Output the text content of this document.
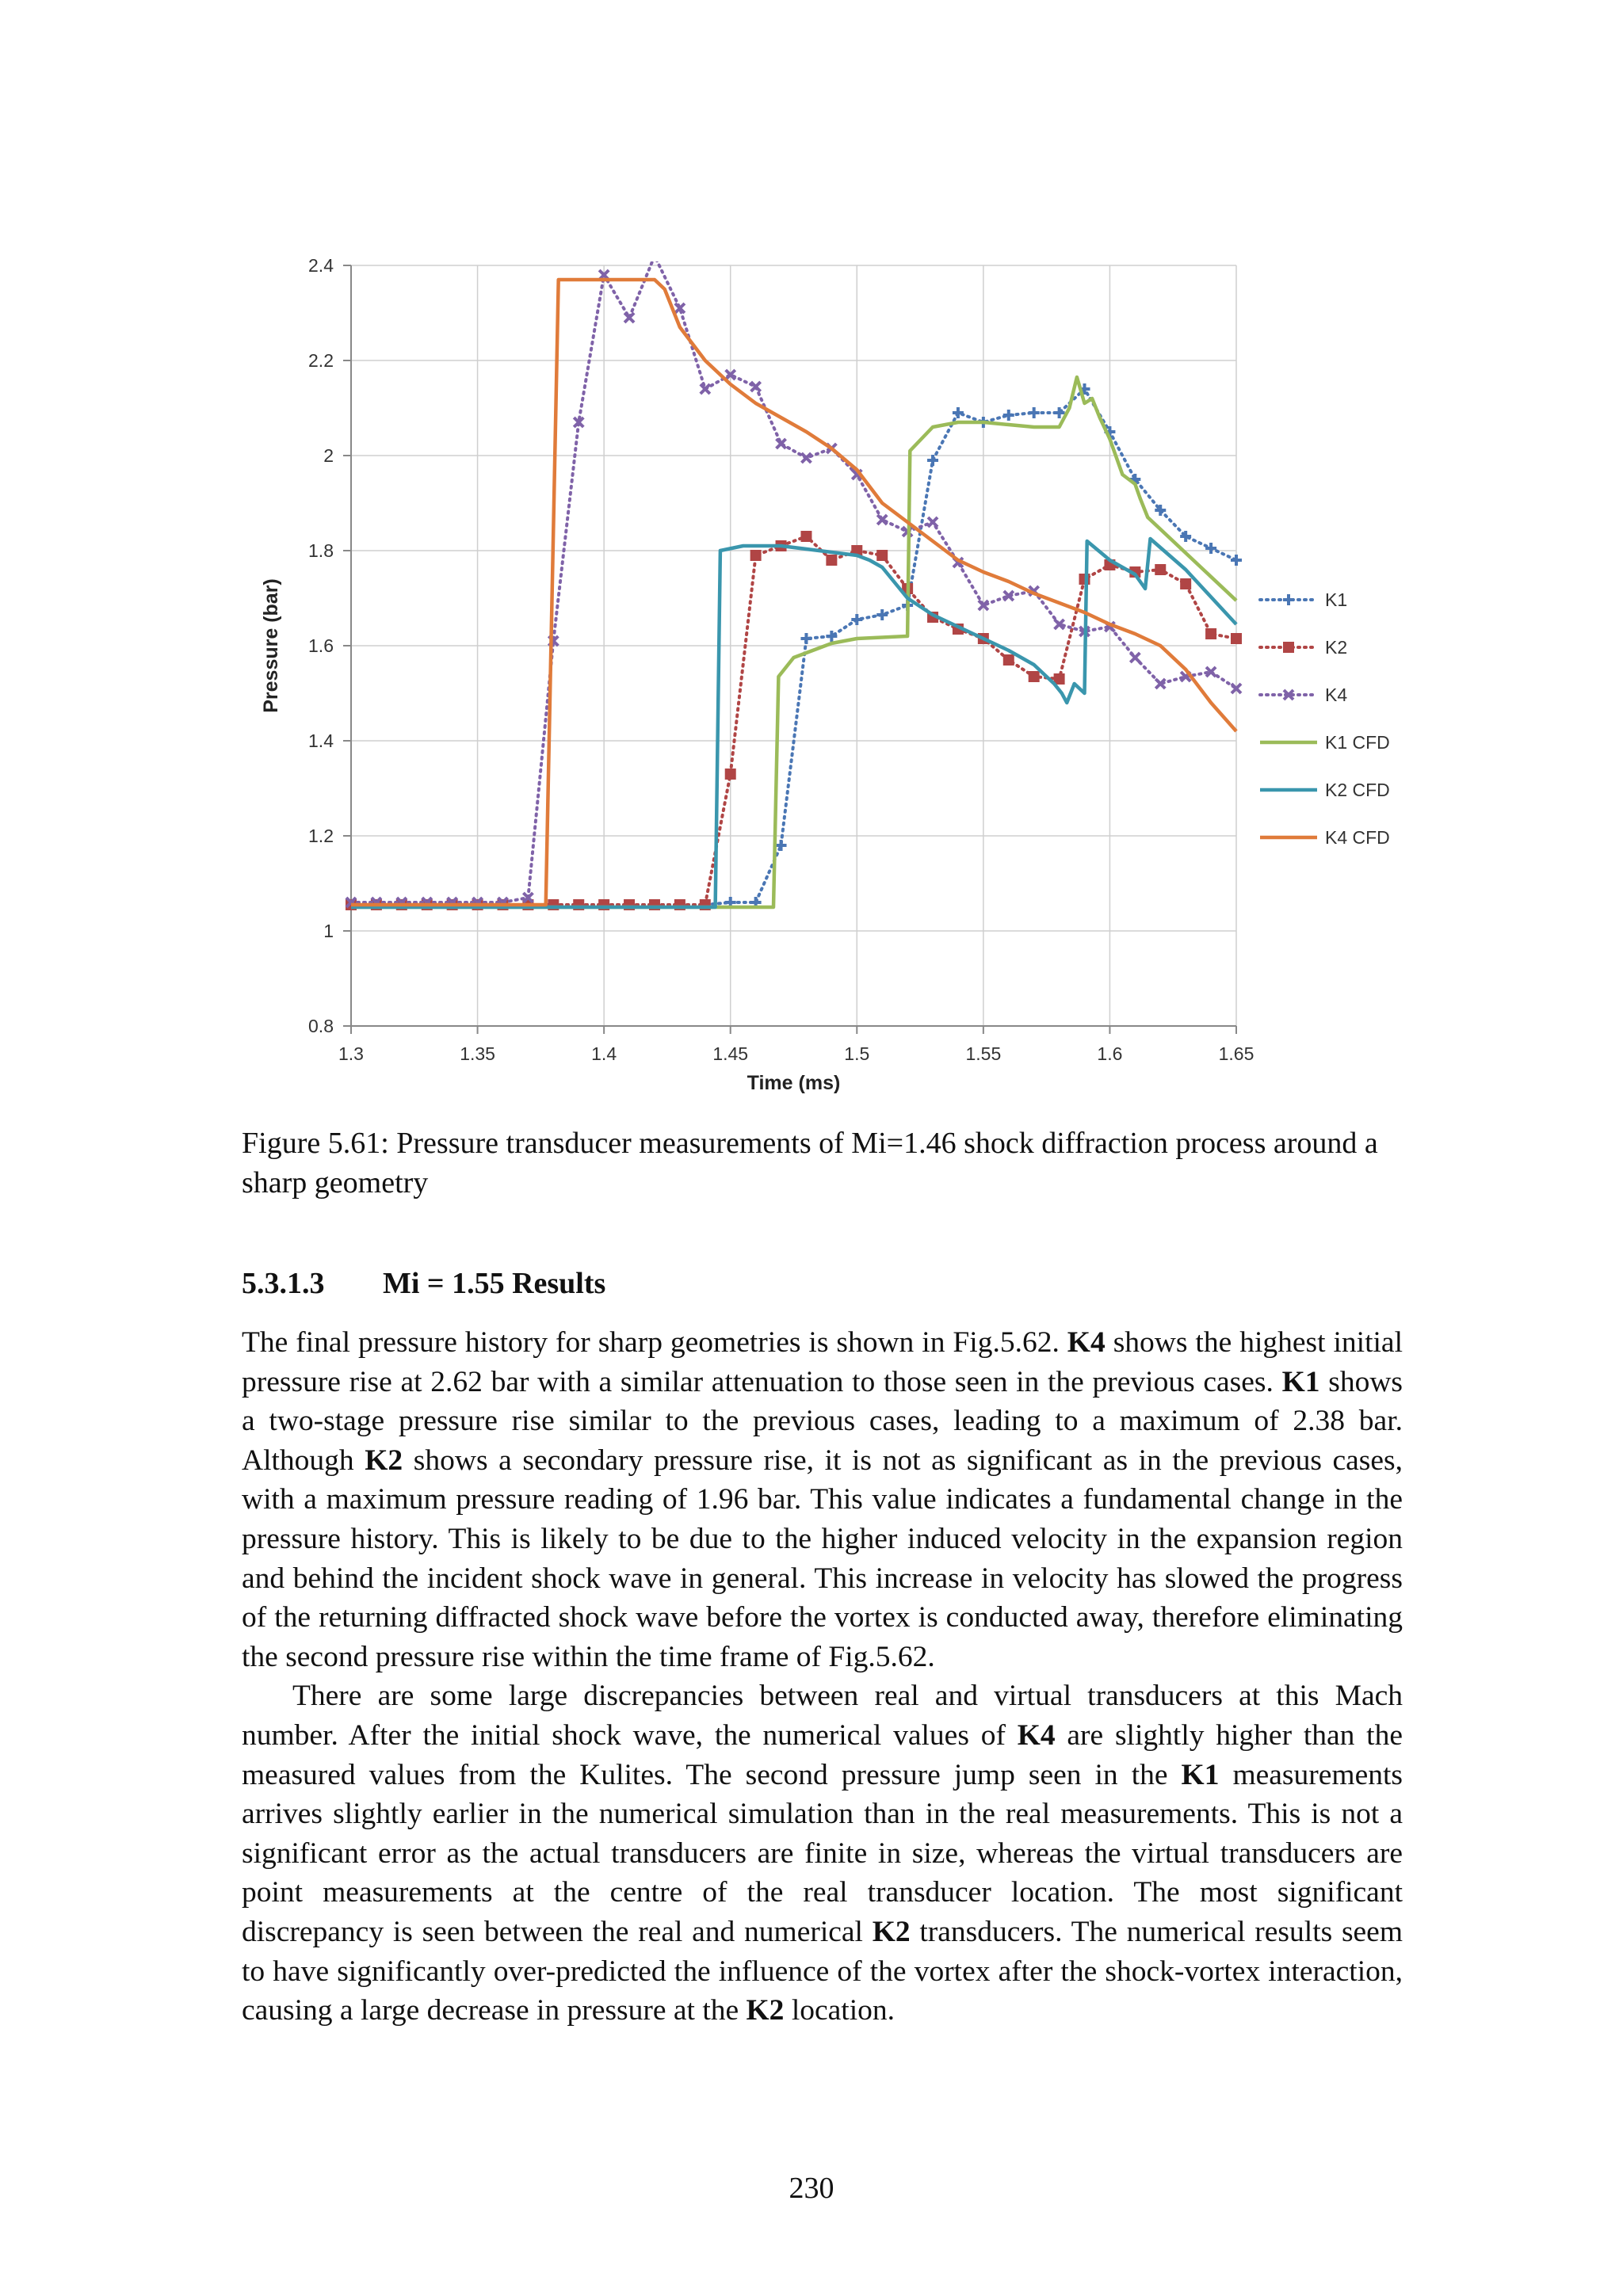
0.8
1
1.2
1.4
1.6
1.8
2
2.2
2.4
1.3	1.35	1.4	1.45	1.5	1.55	1.6	1.65
Time (ms)
Pressure (bar)	K1
K2
K4
K1 CFD
K2 CFD
K4 CFD
Figure 5.61: Pressure transducer measurements of Mi=1.46 shock diffraction process around a sharp geometry
5.3.1.3 Mi = 1.55 Results

The final pressure history for sharp geometries is shown in Fig.5.62. K4 shows the highest initial pressure rise at 2.62 bar with a similar attenuation to those seen in the previous cases. K1 shows a two-stage pressure rise similar to the previous cases, leading to a maximum of 2.38 bar. Although K2 shows a secondary pressure rise, it is not as significant as in the previous cases, with a maximum pressure reading of 1.96 bar. This value indicates a fundamental change in the pressure history. This is likely to be due to the higher induced velocity in the expansion region and behind the incident shock wave in general. This increase in velocity has slowed the progress of the returning diffracted shock wave before the vortex is conducted away, therefore eliminating the second pressure rise within the time frame of Fig.5.62.

There are some large discrepancies between real and virtual transducers at this Mach number. After the initial shock wave, the numerical values of K4 are slightly higher than the measured values from the Kulites. The second pressure jump seen in the K1 measurements arrives slightly earlier in the numerical simulation than in the real measurements. This is not a significant error as the actual transducers are finite in size, whereas the virtual transducers are point measurements at the centre of the real transducer location. The most significant discrepancy is seen between the real and numerical K2 transducers. The numerical results seem to have significantly over-predicted the influence of the vortex after the shock-vortex interaction, causing a large decrease in pressure at the K2 location.

230
